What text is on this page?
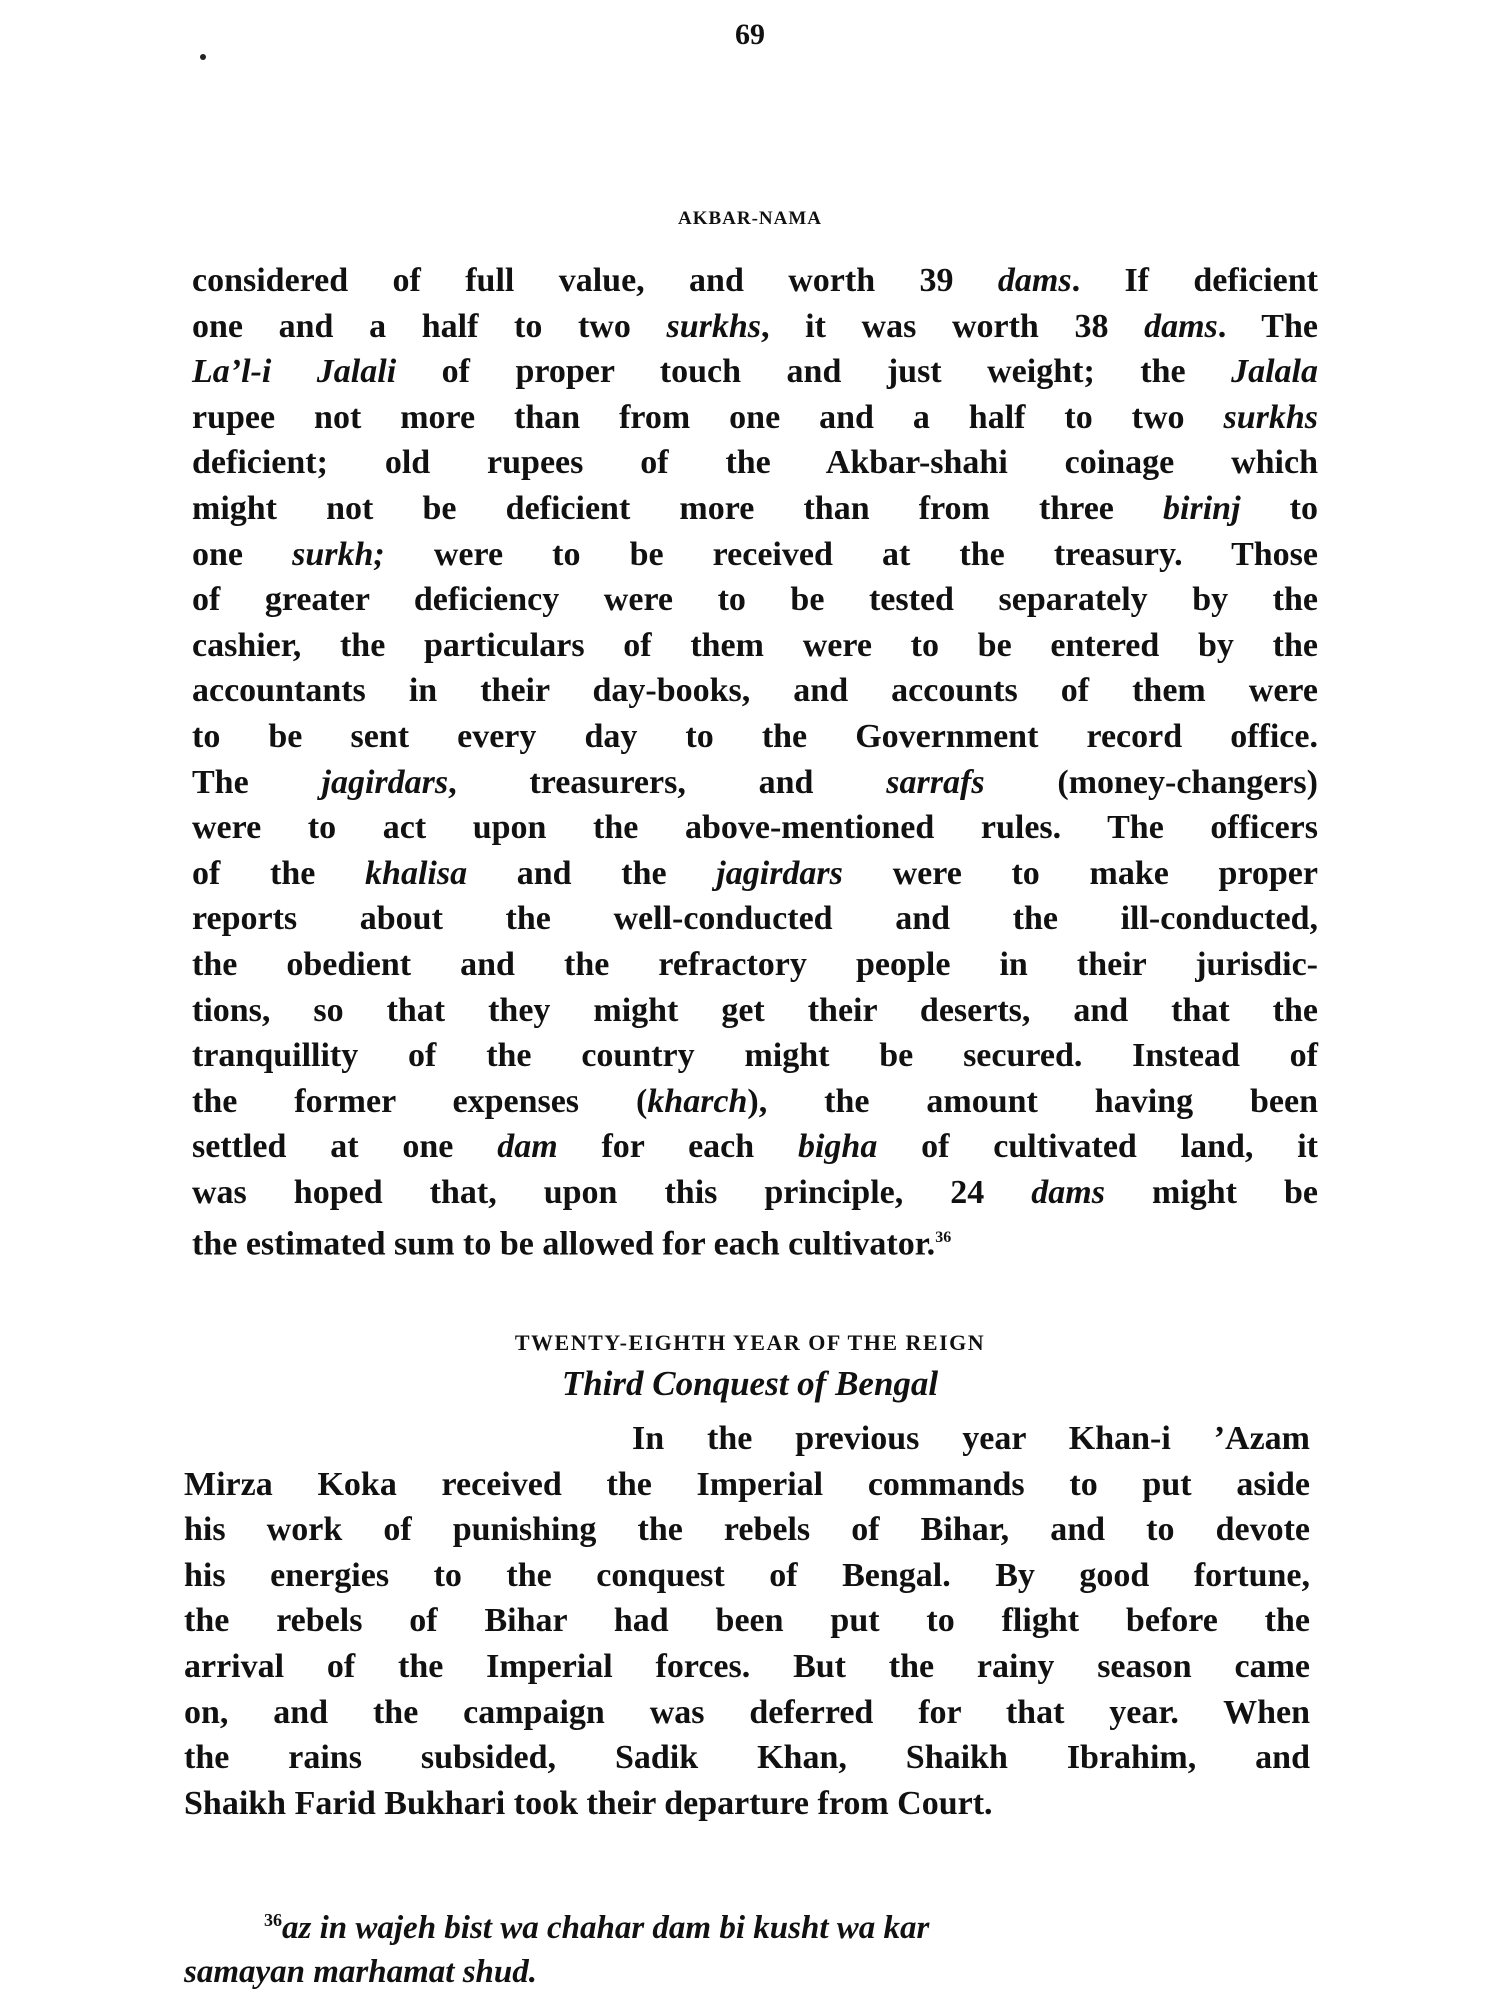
69
AKBAR-NAMA
considered of full value, and worth 39 dams. If deficient
one and a half to two surkhs, it was worth 38 dams. The
La’l-i Jalali of proper touch and just weight; the Jalala
rupee not more than from one and a half to two surkhs
deficient; old rupees of the Akbar-shahi coinage which
might not be deficient more than from three birinj to
one surkh; were to be received at the treasury. Those
of greater deficiency were to be tested separately by the
cashier, the particulars of them were to be entered by the
accountants in their day-books, and accounts of them were
to be sent every day to the Government record office.
The jagirdars, treasurers, and sarrafs (money-changers)
were to act upon the above-mentioned rules. The officers
of the khalisa and the jagirdars were to make proper
reports about the well-conducted and the ill-conducted,
the obedient and the refractory people in their jurisdic-
tions, so that they might get their deserts, and that the
tranquillity of the country might be secured. Instead of
the former expenses (kharch), the amount having been
settled at one dam for each bigha of cultivated land, it
was hoped that, upon this principle, 24 dams might be
the estimated sum to be allowed for each cultivator.$^{36}$
TWENTY-EIGHTH YEAR OF THE REIGN
Third Conquest of Bengal
In the previous year Khan-i ’Azam
Mirza Koka received the Imperial commands to put aside
his work of punishing the rebels of Bihar, and to devote
his energies to the conquest of Bengal. By good fortune,
the rebels of Bihar had been put to flight before the
arrival of the Imperial forces. But the rainy season came
on, and the campaign was deferred for that year. When
the rains subsided, Sadik Khan, Shaikh Ibrahim, and
Shaikh Farid Bukhari took their departure from Court.
$^{36}$az in wajeh bist wa chahar dam bi kusht wa kar
samayan marhamat shud.
